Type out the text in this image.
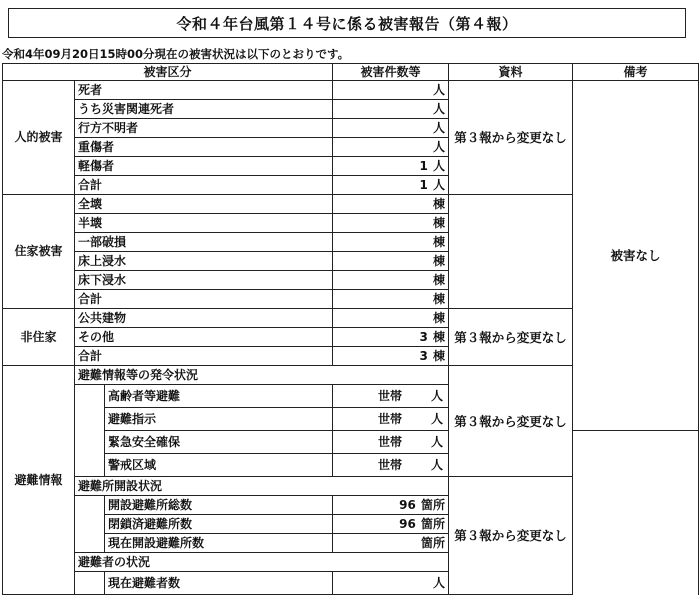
令和４年台風第１４号に係る被害報告（第４報）
令和4年09月20日15時00分現在の被害状況は以下のとおりです。
被害区分			被害件数等	資料	備考	
人的被害	死者		人	第３報から変更なし	被害なし	
	うち災害関連死者		人			
	行方不明者		人			
	重傷者		人			
	軽傷者		1 人			
	合計		1 人			
住家被害	全壊		棟			
	半壊		棟			
	一部破損		棟			
	床上浸水		棟			
	床下浸水		棟			
	合計		棟			
非住家	公共建物		棟	第３報から変更なし		
	その他		3 棟			
	合計		3 棟			
避難情報	避難情報等の発令状況			第３報から変更なし		
		高齢者等避難	世帯 人			

		避難指示	世帯 人			

		緊急安全確保	世帯 人			

		警戒区域	世帯 人			

	避難所開設状況			第３報から変更なし		
		開設避難所総数	96 箇所			
		閉鎖済避難所数	96 箇所			
		現在開設避難所数	箇所			
	避難者の状況					
		現在避難者数	人			
